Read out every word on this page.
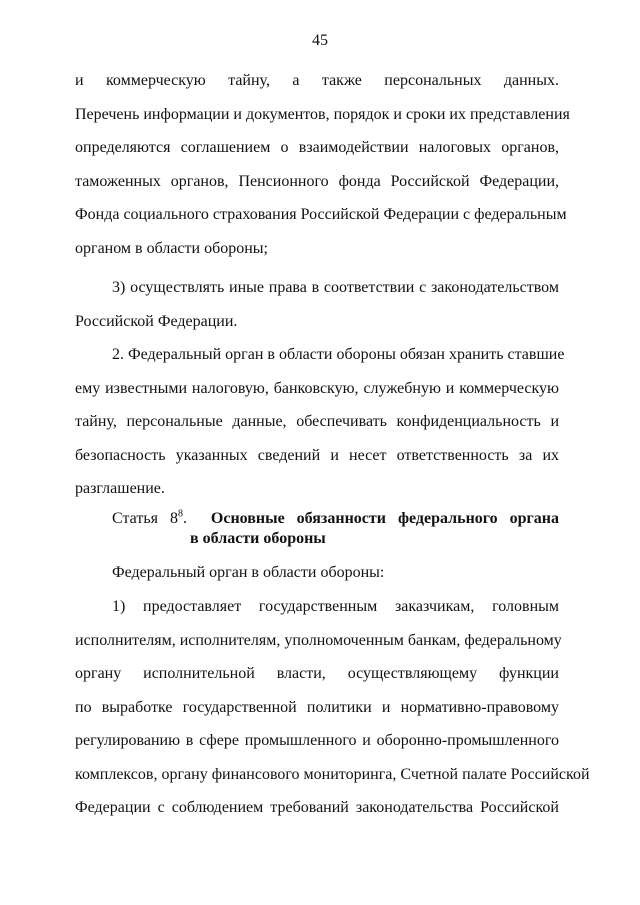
45
и коммерческую тайну, а также персональных данных.
Перечень информации и документов, порядок и сроки их представления
определяются соглашением о взаимодействии налоговых органов,
таможенных органов, Пенсионного фонда Российской Федерации,
Фонда социального страхования Российской Федерации с федеральным
органом в области обороны;
3) осуществлять иные права в соответствии с законодательством
Российской Федерации.
2. Федеральный орган в области обороны обязан хранить ставшие
ему известными налоговую, банковскую, служебную и коммерческую
тайну, персональные данные, обеспечивать конфиденциальность и
безопасность указанных сведений и несет ответственность за их
разглашение.
Статья $8^8$. Основные обязанности федерального органа
в области обороны
Федеральный орган в области обороны:
1) предоставляет государственным заказчикам, головным
исполнителям, исполнителям, уполномоченным банкам, федеральному
органу исполнительной власти, осуществляющему функции
по выработке государственной политики и нормативно-правовому
регулированию в сфере промышленного и оборонно-промышленного
комплексов, органу финансового мониторинга, Счетной палате Российской
Федерации с соблюдением требований законодательства Российской
